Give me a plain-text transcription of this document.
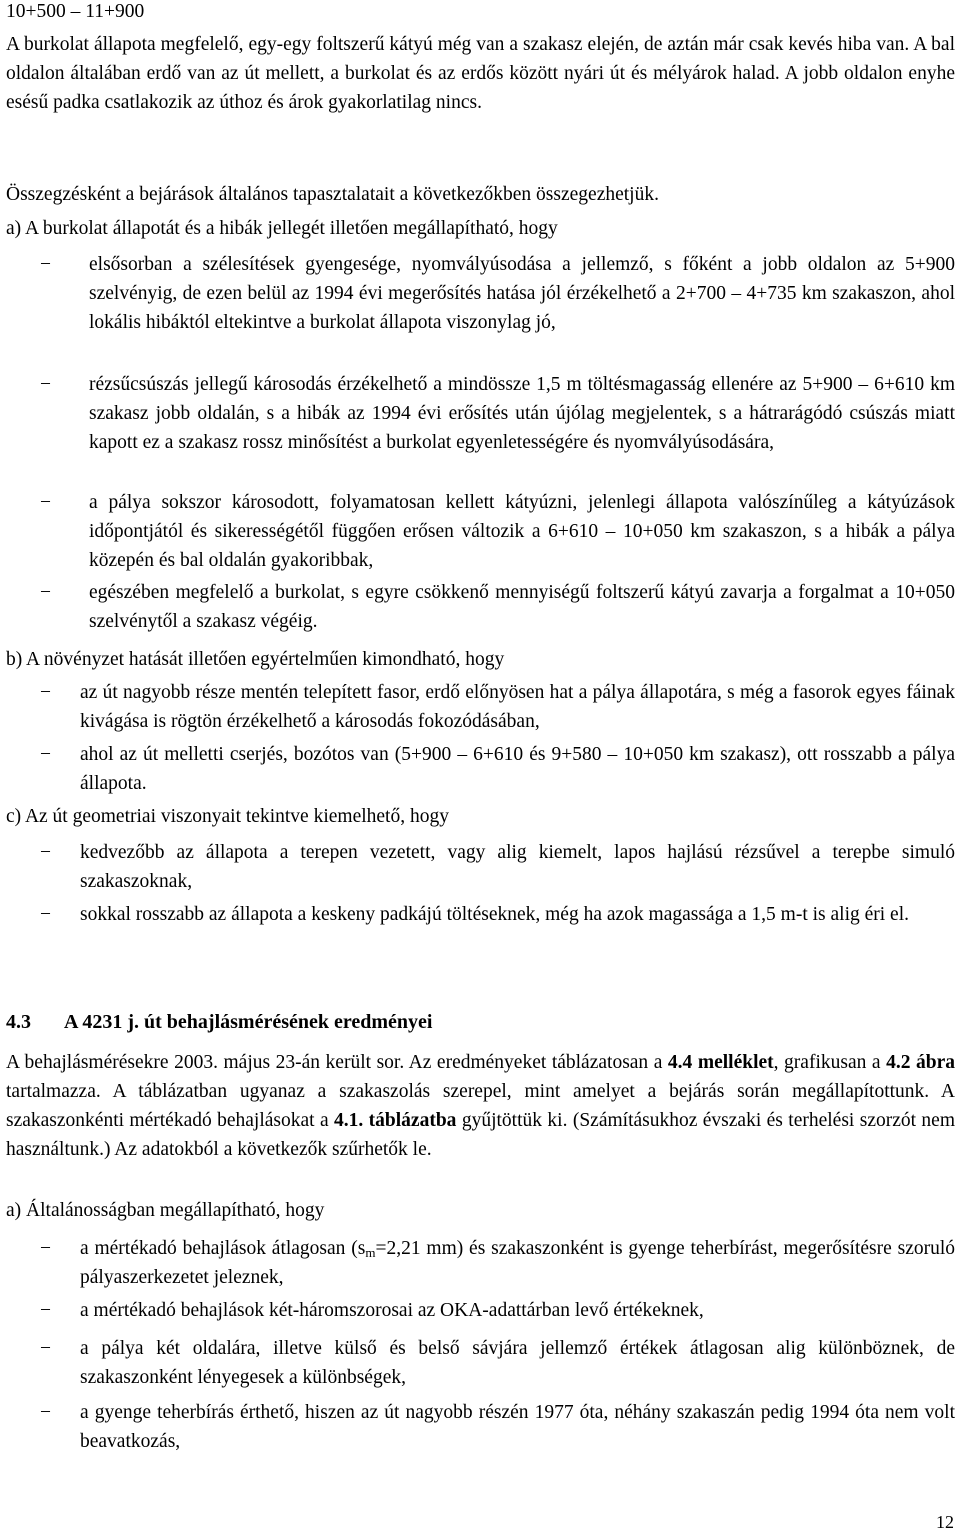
10+500 – 11+900

A burkolat állapota megfelelő, egy-egy foltszerű kátyú még van a szakasz elején, de aztán már csak kevés hiba van. A bal oldalon általában erdő van az út mellett, a burkolat és az erdős között nyári út és mélyárok halad. A jobb oldalon enyhe esésű padka csatlakozik az úthoz és árok gyakorlatilag nincs.

Összegzésként a bejárások általános tapasztalatait a következőkben összegezhetjük.

a) A burkolat állapotát és a hibák jellegét illetően megállapítható, hogy

− elsősorban a szélesítések gyengesége, nyomvályúsodása a jellemző, s főként a jobb oldalon az 5+900 szelvényig, de ezen belül az 1994 évi megerősítés hatása jól érzékelhető a 2+700 – 4+735 km szakaszon, ahol lokális hibáktól eltekintve a burkolat állapota viszonylag jó,

− rézsűcsúszás jellegű károsodás érzékelhető a mindössze 1,5 m töltésmagasság ellenére az 5+900 – 6+610 km szakasz jobb oldalán, s a hibák az 1994 évi erősítés után újólag megjelentek, s a hátrarágódó csúszás miatt kapott ez a szakasz rossz minősítést a burkolat egyenletességére és nyomvályúsodására,

− a pálya sokszor károsodott, folyamatosan kellett kátyúzni, jelenlegi állapota valószínűleg a kátyúzások időpontjától és sikerességétől függően erősen változik a 6+610 – 10+050 km szakaszon, s a hibák a pálya közepén és bal oldalán gyakoribbak,

− egészében megfelelő a burkolat, s egyre csökkenő mennyiségű foltszerű kátyú zavarja a forgalmat a 10+050 szelvénytől a szakasz végéig.

b) A növényzet hatását illetően egyértelműen kimondható, hogy

− az út nagyobb része mentén telepített fasor, erdő előnyösen hat a pálya állapotára, s még a fasorok egyes fáinak kivágása is rögtön érzékelhető a károsodás fokozódásában,

− ahol az út melletti cserjés, bozótos van (5+900 – 6+610 és 9+580 – 10+050 km szakasz), ott rosszabb a pálya állapota.

c) Az út geometriai viszonyait tekintve kiemelhető, hogy

− kedvezőbb az állapota a terepen vezetett, vagy alig kiemelt, lapos hajlású rézsűvel a terepbe simuló szakaszoknak,

− sokkal rosszabb az állapota a keskeny padkájú töltéseknek, még ha azok magassága a 1,5 m-t is alig éri el.

4.3 A 4231 j. út behajlásmérésének eredményei

A behajlásmérésekre 2003. május 23-án került sor. Az eredményeket táblázatosan a 4.4 melléklet, grafikusan a 4.2 ábra tartalmazza. A táblázatban ugyanaz a szakaszolás szerepel, mint amelyet a bejárás során megállapítottunk. A szakaszonkénti mértékadó behajlásokat a 4.1. táblázatba gyűjtöttük ki. (Számításukhoz évszaki és terhelési szorzót nem használtunk.) Az adatokból a következők szűrhetők le.

a) Általánosságban megállapítható, hogy

− a mértékadó behajlások átlagosan ($s_m=2,21$ mm) és szakaszonként is gyenge teherbírást, megerősítésre szoruló pályaszerkezetet jeleznek,

− a mértékadó behajlások két-háromszorosai az OKA-adattárban levő értékeknek,

− a pálya két oldalára, illetve külső és belső sávjára jellemző értékek átlagosan alig különböznek, de szakaszonként lényegesek a különbségek,

− a gyenge teherbírás érthető, hiszen az út nagyobb részén 1977 óta, néhány szakaszán pedig 1994 óta nem volt beavatkozás,

12
